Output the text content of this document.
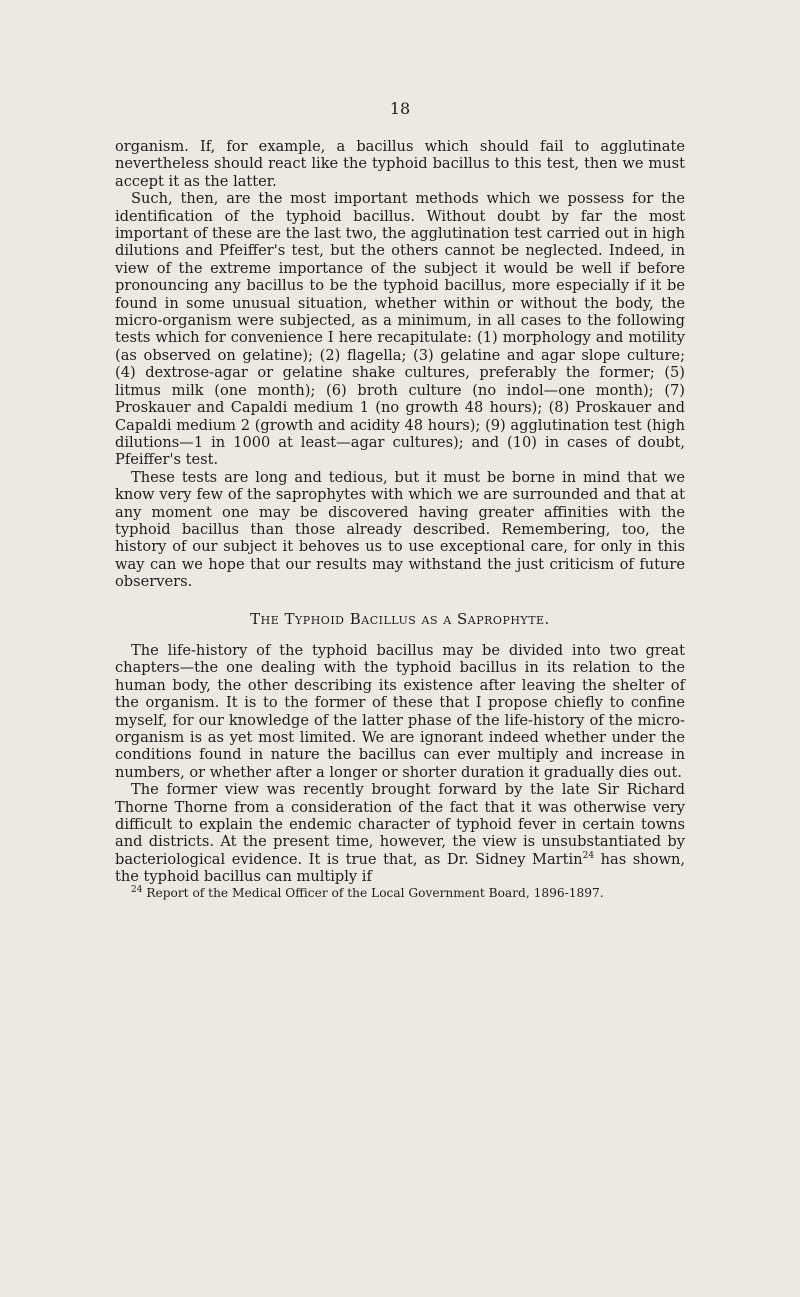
18

organism. If, for example, a bacillus which should fail to agglutinate nevertheless should react like the typhoid bacillus to this test, then we must accept it as the latter.

Such, then, are the most important methods which we possess for the identification of the typhoid bacillus. Without doubt by far the most important of these are the last two, the agglutination test carried out in high dilutions and Pfeiffer's test, but the others cannot be neglected. Indeed, in view of the extreme importance of the subject it would be well if before pronouncing any bacillus to be the typhoid bacillus, more especially if it be found in some unusual situation, whether within or without the body, the micro-organism were subjected, as a minimum, in all cases to the following tests which for convenience I here recapitulate: (1) morphology and motility (as observed on gelatine); (2) flagella; (3) gelatine and agar slope culture; (4) dextrose-agar or gelatine shake cultures, preferably the former; (5) litmus milk (one month); (6) broth culture (no indol—one month); (7) Proskauer and Capaldi medium 1 (no growth 48 hours); (8) Proskauer and Capaldi medium 2 (growth and acidity 48 hours); (9) agglutination test (high dilutions—1 in 1000 at least—agar cultures); and (10) in cases of doubt, Pfeiffer's test.

These tests are long and tedious, but it must be borne in mind that we know very few of the saprophytes with which we are surrounded and that at any moment one may be discovered having greater affinities with the typhoid bacillus than those already described. Remembering, too, the history of our subject it behoves us to use exceptional care, for only in this way can we hope that our results may withstand the just criticism of future observers.

The Typhoid Bacillus as a Saprophyte.

The life-history of the typhoid bacillus may be divided into two great chapters—the one dealing with the typhoid bacillus in its relation to the human body, the other describing its existence after leaving the shelter of the organism. It is to the former of these that I propose chiefly to confine myself, for our knowledge of the latter phase of the life-history of the micro-organism is as yet most limited. We are ignorant indeed whether under the conditions found in nature the bacillus can ever multiply and increase in numbers, or whether after a longer or shorter duration it gradually dies out.

The former view was recently brought forward by the late Sir Richard Thorne Thorne from a consideration of the fact that it was otherwise very difficult to explain the endemic character of typhoid fever in certain towns and districts. At the present time, however, the view is unsubstantiated by bacteriological evidence. It is true that, as Dr. Sidney Martin$^{24}$ has shown, the typhoid bacillus can multiply if

$^{24}$ Report of the Medical Officer of the Local Government Board, 1896-1897.
